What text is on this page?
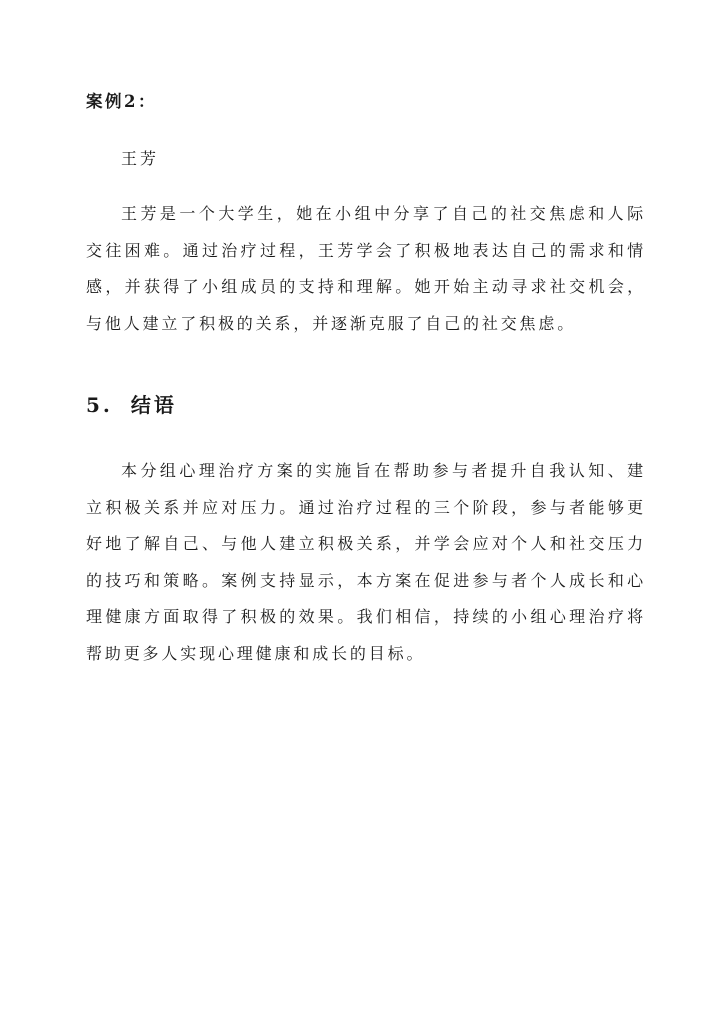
案例2：

王芳

王芳是一个大学生，她在小组中分享了自己的社交焦虑和人际交往困难。通过治疗过程，王芳学会了积极地表达自己的需求和情感，并获得了小组成员的支持和理解。她开始主动寻求社交机会，与他人建立了积极的关系，并逐渐克服了自己的社交焦虑。

5. 结语

本分组心理治疗方案的实施旨在帮助参与者提升自我认知、建立积极关系并应对压力。通过治疗过程的三个阶段，参与者能够更好地了解自己、与他人建立积极关系，并学会应对个人和社交压力的技巧和策略。案例支持显示，本方案在促进参与者个人成长和心理健康方面取得了积极的效果。我们相信，持续的小组心理治疗将帮助更多人实现心理健康和成长的目标。
